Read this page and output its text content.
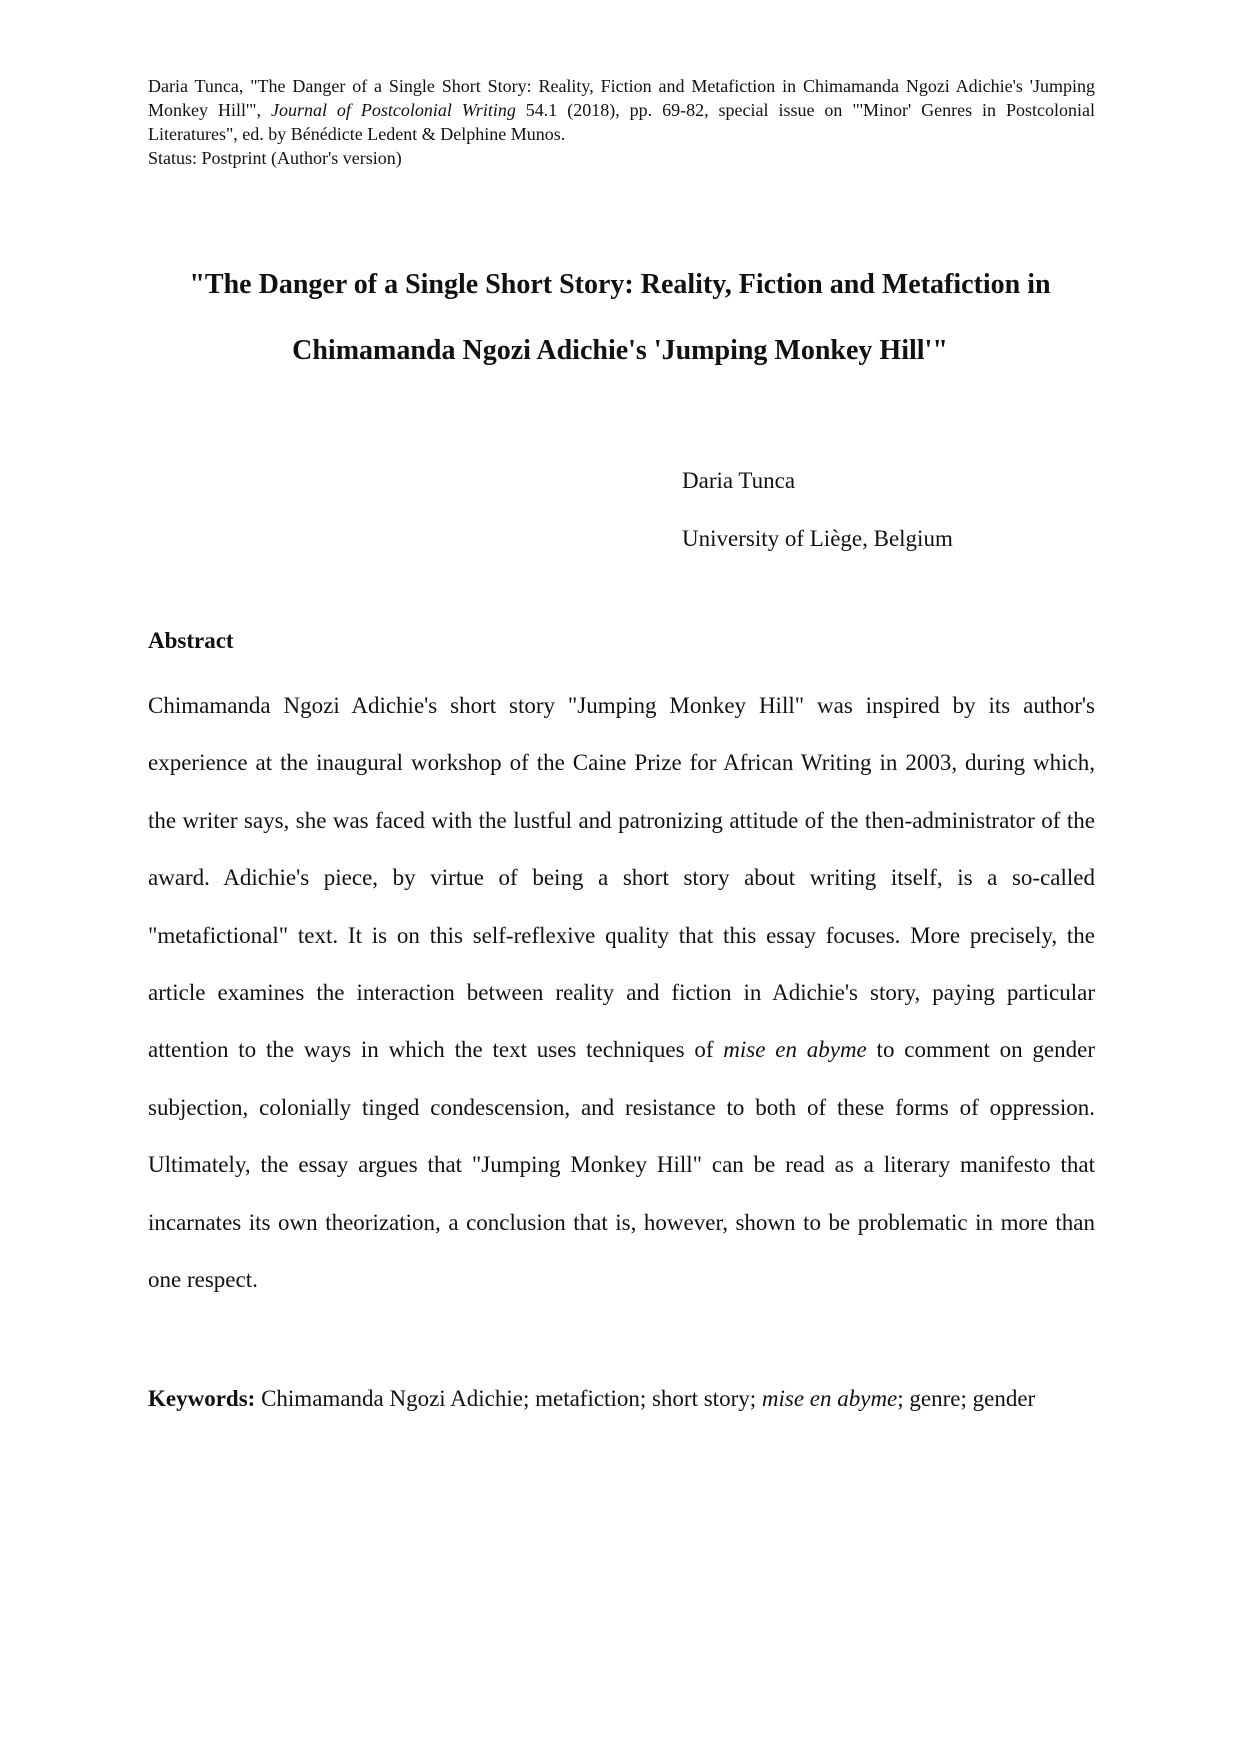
Daria Tunca, "The Danger of a Single Short Story: Reality, Fiction and Metafiction in Chimamanda Ngozi Adichie's 'Jumping Monkey Hill'", Journal of Postcolonial Writing 54.1 (2018), pp. 69-82, special issue on "'Minor' Genres in Postcolonial Literatures", ed. by Bénédicte Ledent & Delphine Munos.

Status: Postprint (Author's version)

"The Danger of a Single Short Story: Reality, Fiction and Metafiction in
Chimamanda Ngozi Adichie's 'Jumping Monkey Hill'"
Daria Tunca
University of Liège, Belgium
Abstract

Chimamanda Ngozi Adichie's short story "Jumping Monkey Hill" was inspired by its author's experience at the inaugural workshop of the Caine Prize for African Writing in 2003, during which, the writer says, she was faced with the lustful and patronizing attitude of the then-administrator of the award. Adichie's piece, by virtue of being a short story about writing itself, is a so-called "metafictional" text. It is on this self-reflexive quality that this essay focuses. More precisely, the article examines the interaction between reality and fiction in Adichie's story, paying particular attention to the ways in which the text uses techniques of mise en abyme to comment on gender subjection, colonially tinged condescension, and resistance to both of these forms of oppression. Ultimately, the essay argues that "Jumping Monkey Hill" can be read as a literary manifesto that incarnates its own theorization, a conclusion that is, however, shown to be problematic in more than one respect.

Keywords: Chimamanda Ngozi Adichie; metafiction; short story; mise en abyme; genre; gender
